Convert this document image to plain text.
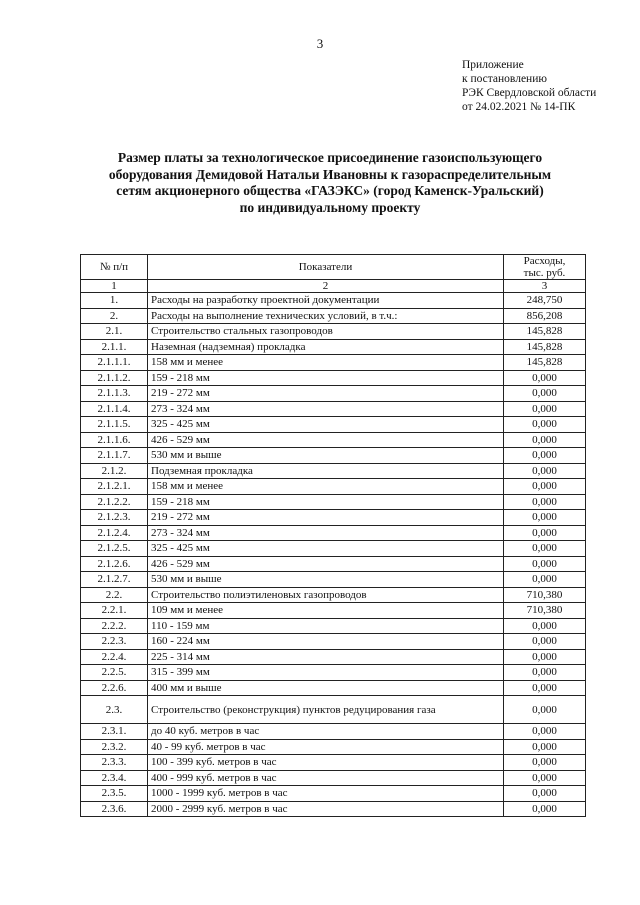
3
Приложение
к постановлению
РЭК Свердловской области
от 24.02.2021 № 14-ПК
Размер платы за технологическое присоединение газоиспользующего
оборудования Демидовой Натальи Ивановны к газораспределительным
сетям акционерного общества «ГАЗЭКС» (город Каменск-Уральский)
по индивидуальному проекту
№ п/п	Показатели	Расходы,
тыс. руб.

1	2	3
1.	Расходы на разработку проектной документации	248,750
2.	Расходы на выполнение технических условий, в т.ч.:	856,208
2.1.	Строительство стальных газопроводов	145,828
2.1.1.	Наземная (надземная) прокладка	145,828
2.1.1.1.	158 мм и менее	145,828
2.1.1.2.	159 - 218 мм	0,000
2.1.1.3.	219 - 272 мм	0,000
2.1.1.4.	273 - 324 мм	0,000
2.1.1.5.	325 - 425 мм	0,000
2.1.1.6.	426 - 529 мм	0,000
2.1.1.7.	530 мм и выше	0,000
2.1.2.	Подземная прокладка	0,000
2.1.2.1.	158 мм и менее	0,000
2.1.2.2.	159 - 218 мм	0,000
2.1.2.3.	219 - 272 мм	0,000
2.1.2.4.	273 - 324 мм	0,000
2.1.2.5.	325 - 425 мм	0,000
2.1.2.6.	426 - 529 мм	0,000
2.1.2.7.	530 мм и выше	0,000
2.2.	Строительство полиэтиленовых газопроводов	710,380
2.2.1.	109 мм и менее	710,380
2.2.2.	110 - 159 мм	0,000
2.2.3.	160 - 224 мм	0,000
2.2.4.	225 - 314 мм	0,000
2.2.5.	315 - 399 мм	0,000
2.2.6.	400 мм и выше	0,000
2.3.	Строительство (реконструкция) пунктов редуцирования газа	0,000
2.3.1.	до 40 куб. метров в час	0,000
2.3.2.	40 - 99 куб. метров в час	0,000
2.3.3.	100 - 399 куб. метров в час	0,000
2.3.4.	400 - 999 куб. метров в час	0,000
2.3.5.	1000 - 1999 куб. метров в час	0,000
2.3.6.	2000 - 2999 куб. метров в час	0,000
